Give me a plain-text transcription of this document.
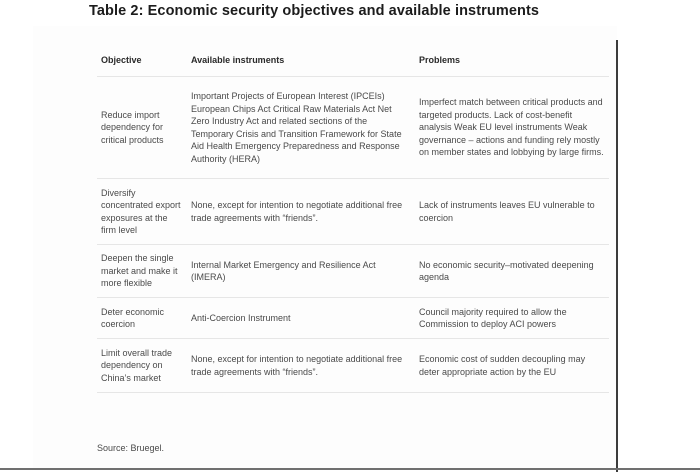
Table 2: Economic security objectives and available instruments
Objective	Available instruments	Problems
Reduce import dependency for critical products	Important Projects of European Interest (IPCEIs) European Chips Act Critical Raw Materials Act Net Zero Industry Act and related sections of the Temporary Crisis and Transition Framework for State Aid Health Emergency Preparedness and Response Authority (HERA)	Imperfect match between critical products and targeted products. Lack of cost-benefit analysis Weak EU level instruments Weak governance – actions and funding rely mostly on member states and lobbying by large firms.
Diversify concentrated export exposures at the firm level	None, except for intention to negotiate additional free trade agreements with “friends”.	Lack of instruments leaves EU vulnerable to coercion
Deepen the single market and make it more flexible	Internal Market Emergency and Resilience Act (IMERA)	No economic security–motivated deepening agenda
Deter economic coercion	Anti-Coercion Instrument	Council majority required to allow the Commission to deploy ACI powers
Limit overall trade dependency on China’s market	None, except for intention to negotiate additional free trade agreements with “friends”.	Economic cost of sudden decoupling may deter appropriate action by the EU
Source: Bruegel.
